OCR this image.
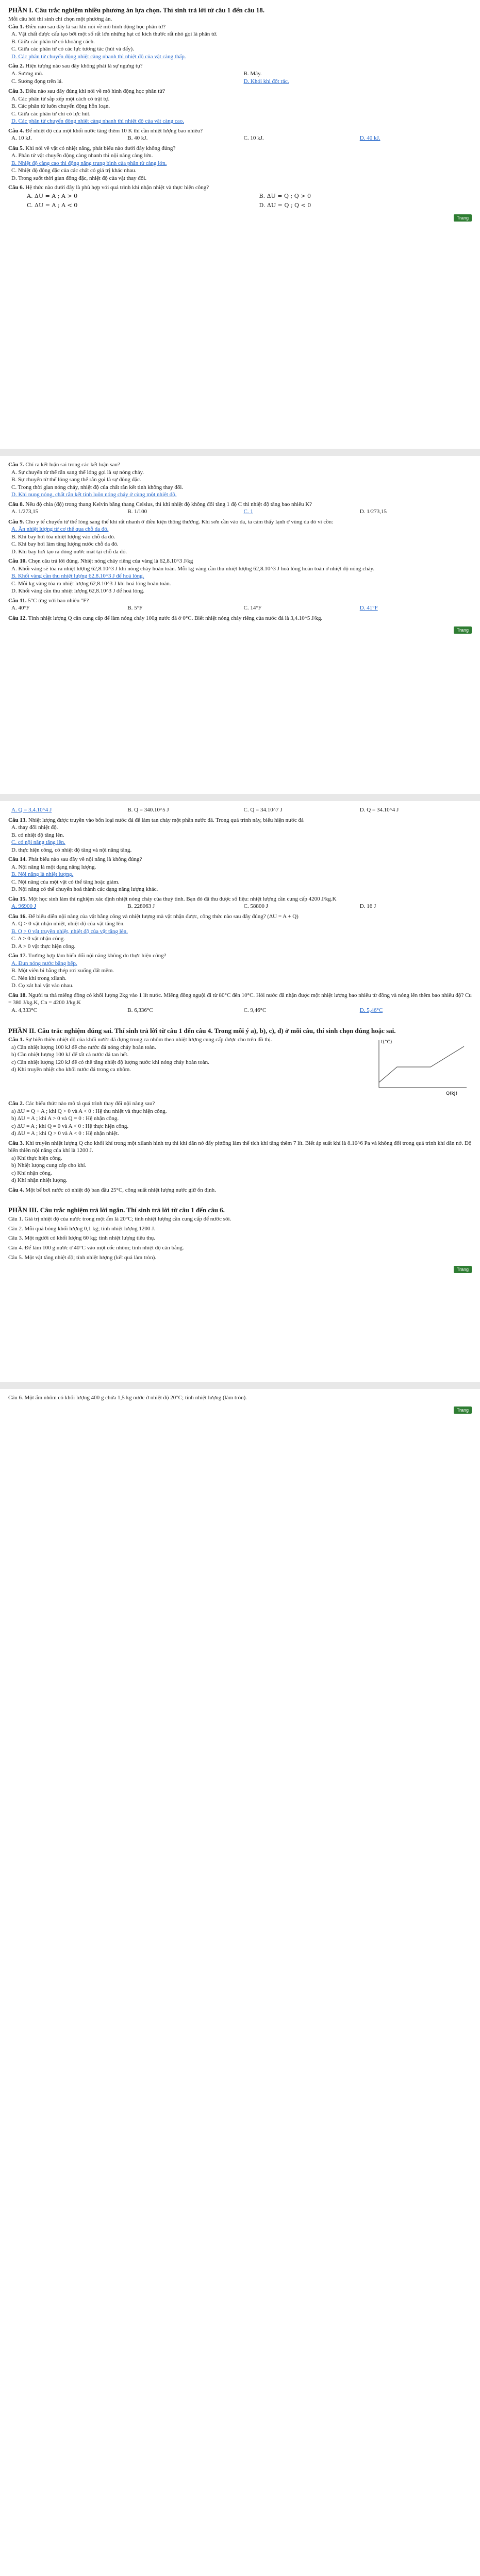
PHẦN I. Câu trắc nghiệm nhiều phương án lựa chọn. Thí sinh trả lời từ câu 1 đến câu 18.
Mỗi câu hỏi thí sinh chỉ chọn một phương án.
Câu 1. Điều nào sau đây là sai khi nói về mô hình động học phân tử?
A. Vật chất được cấu tạo bởi một số rất lớn những hạt có kích thước rất nhỏ gọi là phân tử.
B. Giữa các phân tử có khoảng cách.
C. Giữa các phân tử có các lực tương tác (hút và đẩy).
D. Các phân tử chuyển động nhiệt càng nhanh thì nhiệt độ của vật càng thấp.
Câu 2. Hiện tượng nào sau đây không phải là sự ngưng tụ?
A. Sương mù.	B. Mây.
C. Sương đọng trên lá.	D. Khói khi đốt rác.
Câu 3. Điều nào sau đây đúng khi nói về mô hình động học phân tử?
A. Các phân tử sắp xếp một cách có trật tự.
B. Các phân tử luôn chuyển động hỗn loạn.
C. Giữa các phân tử chỉ có lực hút.
D. Các phân tử chuyển động nhiệt càng nhanh thì nhiệt độ của vật càng cao.
Câu 4. Để nhiệt độ của một khối nước tăng thêm 10 K thì cần nhiệt lượng bao nhiêu?
A. 10 kJ.	B. 40 kJ.	C. 10 kJ.	D. 40 kJ.
Câu 5. Khi nói về vật có nhiệt năng, phát biểu nào dưới đây không đúng?
A. Phân tử vật chuyển động càng nhanh thì nội năng càng lớn.
B. Nhiệt độ càng cao thì động năng trung bình của phân tử càng lớn.
C. Nhiệt độ đông đặc của các chất có giá trị khác nhau.
D. Trong suốt thời gian đông đặc, nhiệt độ của vật thay đổi.
Câu 6. Hệ thức nào dưới đây là phù hợp với quá trình khí nhận nhiệt và thực hiện công?
A. ΔU = A ; A > 0	B. ΔU = Q ; Q > 0
C. ΔU = A ; A < 0	D. ΔU = Q ; Q < 0
Trang
Câu 7. Chỉ ra kết luận sai trong các kết luận sau?
A. Sự chuyển từ thể rắn sang thể lỏng gọi là sự nóng chảy.
B. Sự chuyển từ thể lỏng sang thể rắn gọi là sự đông đặc.
C. Trong thời gian nóng chảy, nhiệt độ của chất rắn kết tinh không thay đổi.
D. Khi nung nóng, chất rắn kết tinh luôn nóng chảy ở cùng một nhiệt độ.
Câu 8. Nếu độ chia (độ) trong thang Kelvin bằng thang Celsius, thì khi nhiệt độ không đổi tăng 1 độ C thì nhiệt độ tăng bao nhiêu K?
A. 1/273,15	B. 1/100	C. 1	D. 1/273,15
Câu 9. Cho y tế chuyển từ thể lỏng sang thể khí rất nhanh ở điều kiện thông thường. Khi sơn cần vào da, ta cảm thấy lạnh ở vùng da đó vì cồn:
A. Ăn nhiệt lượng từ cơ thể qua chỗ da đó.
B. Khi bay hơi tỏa nhiệt lượng vào chỗ da đó.
C. Khi bay hơi làm tăng lượng nước chỗ da đó.
D. Khi bay hơi tạo ra dòng nước mát tại chỗ da đó.
Câu 10. Chọn câu trả lời đúng. Nhiệt nóng chảy riêng của vàng là 62,8.10^3 J/kg
A. Khối vàng sẽ tỏa ra nhiệt lượng 62,8.10^3 J khi nóng chảy hoàn toàn. Mỗi kg vàng cần thu nhiệt lượng 62,8.10^3 J hoá lỏng hoàn toàn ở nhiệt độ nóng chảy.
B. Khối vàng cần thu nhiệt lượng 62,8.10^3 J để hoá lỏng.
C. Mỗi kg vàng tỏa ra nhiệt lượng 62,8.10^3 J khi hoá lỏng hoàn toàn.
D. Khối vàng cần thu nhiệt lượng 62,8.10^3 J để hoá lỏng.
Câu 11. 5°C ứng với bao nhiêu °F?
A. 40°F	B. 5°F	C. 14°F	D. 41°F
Câu 12. Tính nhiệt lượng Q cần cung cấp để làm nóng chảy 100g nước đá ở 0°C. Biết nhiệt nóng chảy riêng của nước đá là 3,4.10^5 J/kg.
Trang
A. Q = 3,4.10^4 J	B. Q = 340.10^5 J	C. Q = 34.10^7 J	D. Q = 34.10^4 J
Câu 13. Nhiệt lượng được truyền vào bốn loại nước đá để làm tan chảy một phần nước đá. Trong quá trình này, biểu hiện nước đá
A. thay đổi nhiệt độ.
B. có nhiệt độ tăng lên.
C. có nội năng tăng lên.
D. thực hiện công, có nhiệt độ tăng và nội năng tăng.
Câu 14. Phát biểu nào sau đây về nội năng là không đúng?
A. Nội năng là một dạng năng lượng.
B. Nội năng là nhiệt lượng.
C. Nội năng của một vật có thể tăng hoặc giảm.
D. Nội năng có thể chuyển hoá thành các dạng năng lượng khác.
Câu 15. Một học sinh làm thí nghiệm xác định nhiệt nóng chảy của thuỷ tinh. Bạn đó đã thu được số liệu: nhiệt lượng cần cung cấp 4200 J/kg.K
A. 96900 J	B. 228063 J	C. 58800 J	D. 16 J
Câu 16. Để biểu diễn nội năng của vật bằng công và nhiệt lượng mà vật nhận được, công thức nào sau đây đúng? (ΔU = A + Q)
A. Q > 0 vật nhận nhiệt, nhiệt độ của vật tăng lên.
B. Q > 0 vật truyền nhiệt, nhiệt độ của vật tăng lên.
C. A > 0 vật nhận công.
D. A > 0 vật thực hiện công.
Câu 17. Trường hợp làm biến đổi nội năng không do thực hiện công?
A. Đun nóng nước bằng bếp.
B. Một viên bi bằng thép rơi xuống đất mềm.
C. Nén khí trong xilanh.
D. Cọ xát hai vật vào nhau.
Câu 18. Người ta thả miếng đồng có khối lượng 2kg vào 1 lít nước. Miếng đồng nguội đi từ 80°C đến 10°C. Hỏi nước đã nhận được một nhiệt lượng bao nhiêu từ đồng và nóng lên thêm bao nhiêu độ? Cu = 380 J/kg.K, Cn = 4200 J/kg.K
A. 4,333°C	B. 6,336°C	C. 9,46°C	D. 5,46°C
PHẦN II. Câu trắc nghiệm đúng sai. Thí sinh trả lời từ câu 1 đến câu 4. Trong mỗi ý a), b), c), d) ở mỗi câu, thí sinh chọn đúng hoặc sai.
Câu 1. Sự biến thiên nhiệt độ của khối nước đá đựng trong ca nhôm theo nhiệt lượng cung cấp được cho trên đồ thị.
a) Cần nhiệt lượng 100 kJ để cho nước đá nóng chảy hoàn toàn.
b) Cần nhiệt lượng 100 kJ để tất cả nước đá tan hết.
c) Cần nhiệt lượng 120 kJ để có thể tăng nhiệt độ lượng nước khi nóng chảy hoàn toàn.
d) Khi truyền nhiệt cho khối nước đá trong ca nhôm.
t(°C)
Q(kJ)
Câu 2. Các biểu thức nào mô tả quá trình thay đổi nội năng sau?
a) ΔU = Q + A ; khi Q > 0 và A < 0 : Hệ thu nhiệt và thực hiện công.
b) ΔU = A ; khi A > 0 và Q = 0 : Hệ nhận công.
c) ΔU = A ; khi Q = 0 và A < 0 : Hệ thực hiện công.
d) ΔU = A ; khi Q > 0 và A < 0 : Hệ nhận nhiệt.
Câu 3. Khi truyền nhiệt lượng Q cho khối khí trong một xilanh hình trụ thì khí dãn nở đẩy pittông làm thể tích khí tăng thêm 7 lít. Biết áp suất khí là 8.10^6 Pa và không đổi trong quá trình khí dãn nở. Độ biến thiên nội năng của khí là 1200 J.
a) Khí thực hiện công.
b) Nhiệt lượng cung cấp cho khí.
c) Khí nhận công.
d) Khí nhận nhiệt lượng.
Câu 4. Một bể bơi nước có nhiệt độ ban đầu 25°C, công suất nhiệt lượng nước giữ ổn định.
PHẦN III. Câu trắc nghiệm trả lời ngắn. Thí sinh trả lời từ câu 1 đến câu 6.
Câu 1. Giá trị nhiệt độ của nước trong một ấm là 20°C; tính nhiệt lượng cần cung cấp để nước sôi.
Câu 2. Mỗi quả bóng khối lượng 0,1 kg; tính nhiệt lượng 1200 J.
Câu 3. Một người có khối lượng 60 kg; tính nhiệt lượng tiêu thụ.
Câu 4. Để làm 100 g nước ở 40°C vào một cốc nhôm; tính nhiệt độ cân bằng.
Câu 5. Một vật tăng nhiệt độ; tính nhiệt lượng (kết quả làm tròn).
Trang
Câu 6. Một ấm nhôm có khối lượng 400 g chứa 1,5 kg nước ở nhiệt độ 20°C; tính nhiệt lượng (làm tròn).
Trang
